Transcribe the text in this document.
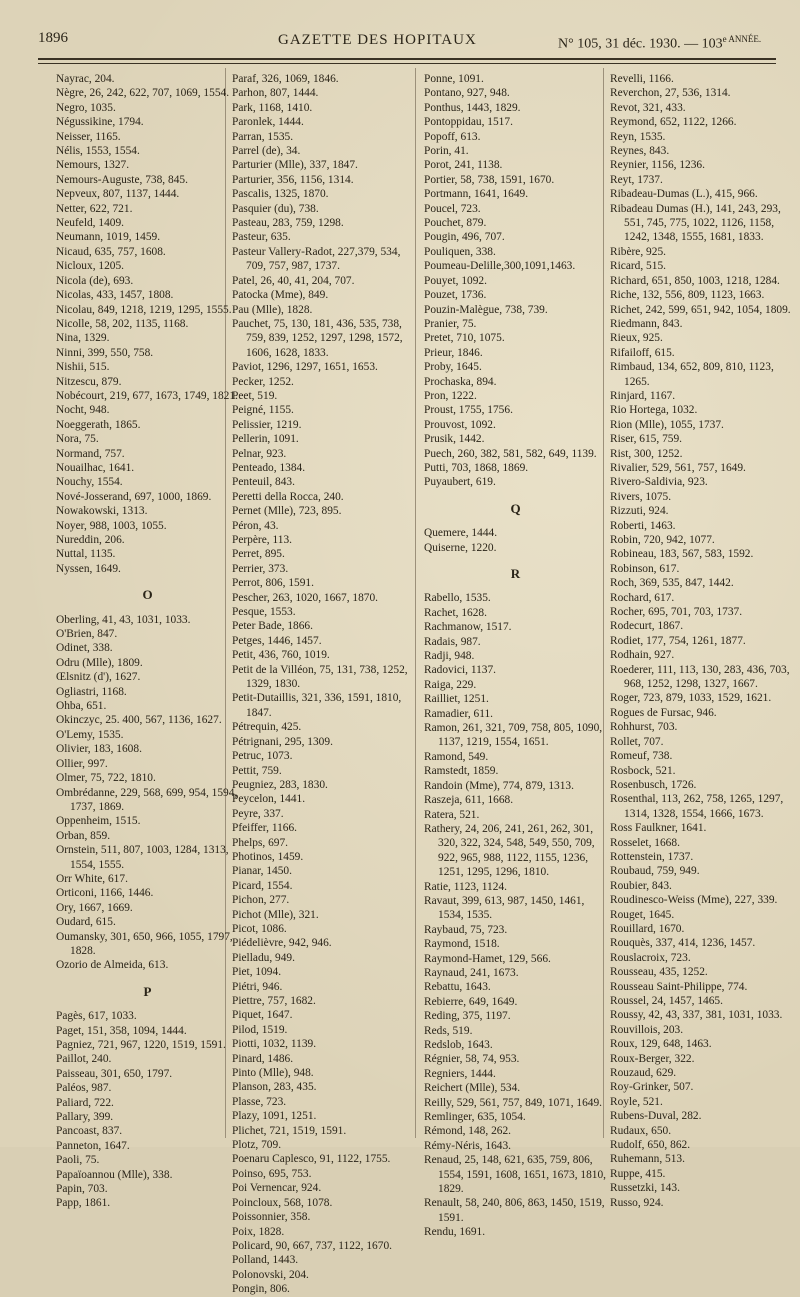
1896	GAZETTE DES HOPITAUX	N° 105, 31 déc. 1930. — $103^{e ANNÉE.}$

Nayrac, 204.

Nègre, 26, 242, 622, 707, 1069, 1554.

Negro, 1035.

Négussikine, 1794.

Neisser, 1165.

Nélis, 1553, 1554.

Nemours, 1327.

Nemours-Auguste, 738, 845.

Nepveux, 807, 1137, 1444.

Netter, 622, 721.

Neufeld, 1409.

Neumann, 1019, 1459.

Nicaud, 635, 757, 1608.

Nicloux, 1205.

Nicola (de), 693.

Nicolas, 433, 1457, 1808.

Nicolau, 849, 1218, 1219, 1295, 1555.

Nicolle, 58, 202, 1135, 1168.

Nina, 1329.

Ninni, 399, 550, 758.

Nishii, 515.

Nitzescu, 879.

Nobécourt, 219, 677, 1673, 1749, 1821.

Nocht, 948.

Noeggerath, 1865.

Nora, 75.

Normand, 757.

Nouailhac, 1641.

Nouchy, 1554.

Nové-Josserand, 697, 1000, 1869.

Nowakowski, 1313.

Noyer, 988, 1003, 1055.

Nureddin, 206.

Nuttal, 1135.

Nyssen, 1649.

O

Oberling, 41, 43, 1031, 1033.

O'Brien, 847.

Odinet, 338.

Odru (Mlle), 1809.

Œlsnitz (d'), 1627.

Ogliastri, 1168.

Ohba, 651.

Okinczyc, 25. 400, 567, 1136, 1627.

O'Lemy, 1535.

Olivier, 183, 1608.

Ollier, 997.

Olmer, 75, 722, 1810.

Ombrédanne, 229, 568, 699, 954, 1594, 1737, 1869.

Oppenheim, 1515.

Orban, 859.

Ornstein, 511, 807, 1003, 1284, 1313, 1554, 1555.

Orr White, 617.

Orticoni, 1166, 1446.

Ory, 1667, 1669.

Oudard, 615.

Oumansky, 301, 650, 966, 1055, 1797, 1828.

Ozorio de Almeida, 613.

P

Pagès, 617, 1033.

Paget, 151, 358, 1094, 1444.

Pagniez, 721, 967, 1220, 1519, 1591.

Paillot, 240.

Paisseau, 301, 650, 1797.

Paléos, 987.

Paliard, 722.

Pallary, 399.

Pancoast, 837.

Panneton, 1647.

Paoli, 75.

Papaïoannou (Mlle), 338.

Papin, 703.

Papp, 1861.

Paraf, 326, 1069, 1846.

Parhon, 807, 1444.

Park, 1168, 1410.

Paronlek, 1444.

Parran, 1535.

Parrel (de), 34.

Parturier (Mlle), 337, 1847.

Parturier, 356, 1156, 1314.

Pascalis, 1325, 1870.

Pasquier (du), 738.

Pasteau, 283, 759, 1298.

Pasteur, 635.

Pasteur Vallery-Radot, 227,379, 534, 709, 757, 987, 1737.

Patel, 26, 40, 41, 204, 707.

Patocka (Mme), 849.

Pau (Mlle), 1828.

Pauchet, 75, 130, 181, 436, 535, 738, 759, 839, 1252, 1297, 1298, 1572, 1606, 1628, 1833.

Paviot, 1296, 1297, 1651, 1653.

Pecker, 1252.

Peet, 519.

Peigné, 1155.

Pelissier, 1219.

Pellerin, 1091.

Pelnar, 923.

Penteado, 1384.

Penteuil, 843.

Peretti della Rocca, 240.

Pernet (Mlle), 723, 895.

Péron, 43.

Perpère, 113.

Perret, 895.

Perrier, 373.

Perrot, 806, 1591.

Pescher, 263, 1020, 1667, 1870.

Pesque, 1553.

Peter Bade, 1866.

Petges, 1446, 1457.

Petit, 436, 760, 1019.

Petit de la Villéon, 75, 131, 738, 1252, 1329, 1830.

Petit-Dutaillis, 321, 336, 1591, 1810, 1847.

Pétrequin, 425.

Pétrignani, 295, 1309.

Petruc, 1073.

Pettit, 759.

Peugniez, 283, 1830.

Peycelon, 1441.

Peyre, 337.

Pfeiffer, 1166.

Phelps, 697.

Photinos, 1459.

Pianar, 1450.

Picard, 1554.

Pichon, 277.

Pichot (Mlle), 321.

Picot, 1086.

Piédelièvre, 942, 946.

Pielladu, 949.

Piet, 1094.

Piétri, 946.

Piettre, 757, 1682.

Piquet, 1647.

Pilod, 1519.

Piotti, 1032, 1139.

Pinard, 1486.

Pinto (Mlle), 948.

Planson, 283, 435.

Plasse, 723.

Plazy, 1091, 1251.

Plichet, 721, 1519, 1591.

Plotz, 709.

Poenaru Caplesco, 91, 1122, 1755.

Poinso, 695, 753.

Poi Vernencar, 924.

Poincloux, 568, 1078.

Poissonnier, 358.

Poix, 1828.

Policard, 90, 667, 737, 1122, 1670.

Polland, 1443.

Polonovski, 204.

Pongin, 806.

Ponne, 1091.

Pontano, 927, 948.

Ponthus, 1443, 1829.

Pontoppidau, 1517.

Popoff, 613.

Porin, 41.

Porot, 241, 1138.

Portier, 58, 738, 1591, 1670.

Portmann, 1641, 1649.

Poucel, 723.

Pouchet, 879.

Pougin, 496, 707.

Pouliquen, 338.

Poumeau-Delille,300,1091,1463.

Pouyet, 1092.

Pouzet, 1736.

Pouzin-Malègue, 738, 739.

Pranier, 75.

Pretet, 710, 1075.

Prieur, 1846.

Proby, 1645.

Prochaska, 894.

Pron, 1222.

Proust, 1755, 1756.

Prouvost, 1092.

Prusik, 1442.

Puech, 260, 382, 581, 582, 649, 1139.

Putti, 703, 1868, 1869.

Puyaubert, 619.

Q

Quemere, 1444.

Quiserne, 1220.

R

Rabello, 1535.

Rachet, 1628.

Rachmanow, 1517.

Radais, 987.

Radji, 948.

Radovici, 1137.

Raiga, 229.

Railliet, 1251.

Ramadier, 611.

Ramon, 261, 321, 709, 758, 805, 1090, 1137, 1219, 1554, 1651.

Ramond, 549.

Ramstedt, 1859.

Randoin (Mme), 774, 879, 1313.

Raszeja, 611, 1668.

Ratera, 521.

Rathery, 24, 206, 241, 261, 262, 301, 320, 322, 324, 548, 549, 550, 709, 922, 965, 988, 1122, 1155, 1236, 1251, 1295, 1296, 1810.

Ratie, 1123, 1124.

Ravaut, 399, 613, 987, 1450, 1461, 1534, 1535.

Raybaud, 75, 723.

Raymond, 1518.

Raymond-Hamet, 129, 566.

Raynaud, 241, 1673.

Rebattu, 1643.

Rebierre, 649, 1649.

Reding, 375, 1197.

Reds, 519.

Redslob, 1643.

Régnier, 58, 74, 953.

Regniers, 1444.

Reichert (Mlle), 534.

Reilly, 529, 561, 757, 849, 1071, 1649.

Remlinger, 635, 1054.

Rémond, 148, 262.

Rémy-Néris, 1643.

Renaud, 25, 148, 621, 635, 759, 806, 1554, 1591, 1608, 1651, 1673, 1810, 1829.

Renault, 58, 240, 806, 863, 1450, 1519, 1591.

Rendu, 1691.

Revelli, 1166.

Reverchon, 27, 536, 1314.

Revot, 321, 433.

Reymond, 652, 1122, 1266.

Reyn, 1535.

Reynes, 843.

Reynier, 1156, 1236.

Reyt, 1737.

Ribadeau-Dumas (L.), 415, 966.

Ribadeau Dumas (H.), 141, 243, 293, 551, 745, 775, 1022, 1126, 1158, 1242, 1348, 1555, 1681, 1833.

Ribère, 925.

Ricard, 515.

Richard, 651, 850, 1003, 1218, 1284.

Riche, 132, 556, 809, 1123, 1663.

Richet, 242, 599, 651, 942, 1054, 1809.

Riedmann, 843.

Rieux, 925.

Rifailoff, 615.

Rimbaud, 134, 652, 809, 810, 1123, 1265.

Rinjard, 1167.

Rio Hortega, 1032.

Rion (Mlle), 1055, 1737.

Riser, 615, 759.

Rist, 300, 1252.

Rivalier, 529, 561, 757, 1649.

Rivero-Saldivia, 923.

Rivers, 1075.

Rizzuti, 924.

Roberti, 1463.

Robin, 720, 942, 1077.

Robineau, 183, 567, 583, 1592.

Robinson, 617.

Roch, 369, 535, 847, 1442.

Rochard, 617.

Rocher, 695, 701, 703, 1737.

Rodecurt, 1867.

Rodiet, 177, 754, 1261, 1877.

Rodhain, 927.

Roederer, 111, 113, 130, 283, 436, 703, 968, 1252, 1298, 1327, 1667.

Roger, 723, 879, 1033, 1529, 1621.

Rogues de Fursac, 946.

Rohhurst, 703.

Rollet, 707.

Romeuf, 738.

Rosbock, 521.

Rosenbusch, 1726.

Rosenthal, 113, 262, 758, 1265, 1297, 1314, 1328, 1554, 1666, 1673.

Ross Faulkner, 1641.

Rosselet, 1668.

Rottenstein, 1737.

Roubaud, 759, 949.

Roubier, 843.

Roudinesco-Weiss (Mme), 227, 339.

Rouget, 1645.

Rouillard, 1670.

Rouquès, 337, 414, 1236, 1457.

Rouslacroix, 723.

Rousseau, 435, 1252.

Rousseau Saint-Philippe, 774.

Roussel, 24, 1457, 1465.

Roussy, 42, 43, 337, 381, 1031, 1033.

Rouvillois, 203.

Roux, 129, 648, 1463.

Roux-Berger, 322.

Rouzaud, 629.

Roy-Grinker, 507.

Royle, 521.

Rubens-Duval, 282.

Rudaux, 650.

Rudolf, 650, 862.

Ruhemann, 513.

Ruppe, 415.

Russetzki, 143.

Russo, 924.
